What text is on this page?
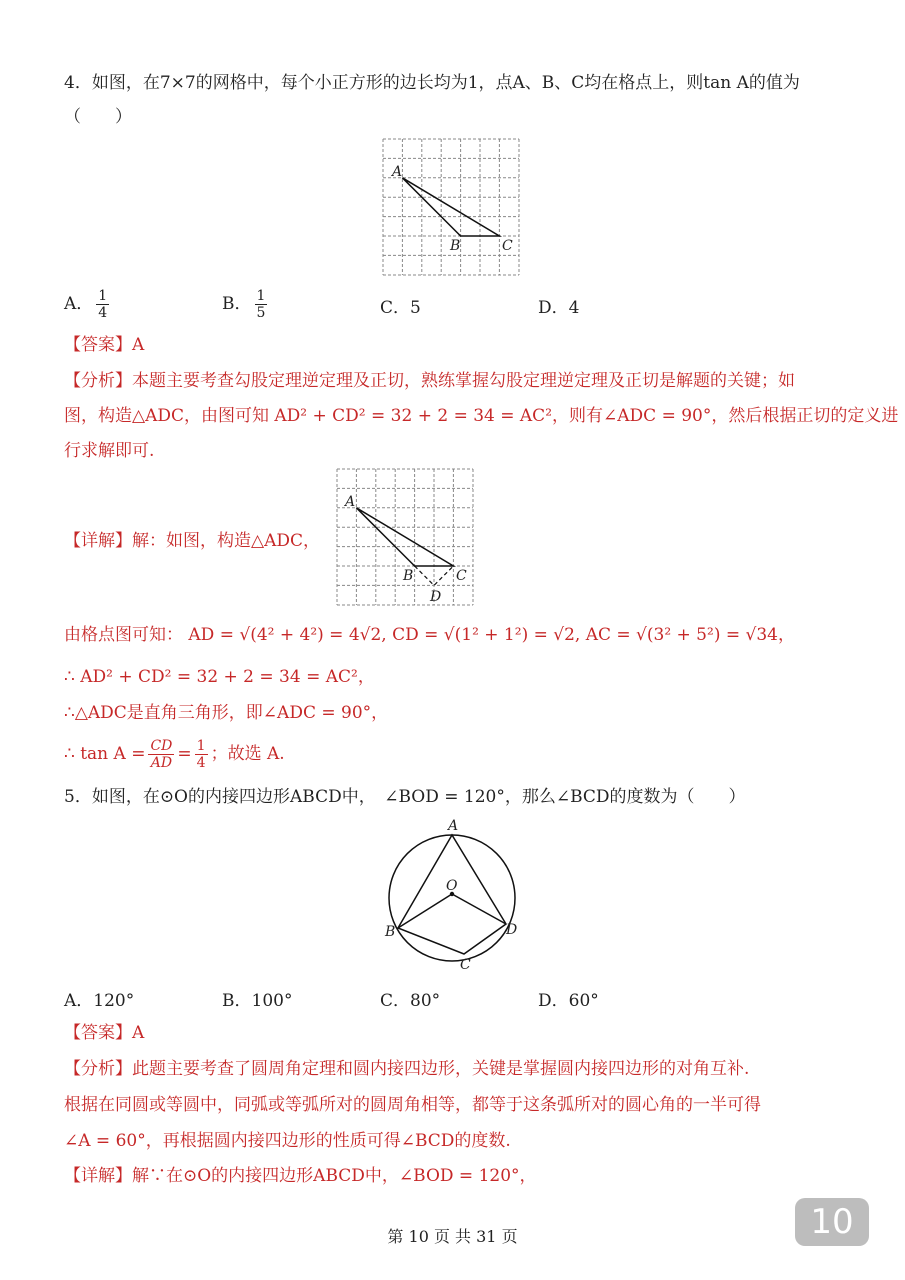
4．如图，在7×7的网格中，每个小正方形的边长均为1，点A、B、C均在格点上，则tan A的值为
（　　）
A
B	C
A． $\frac{1}{4}$	B． $\frac{1}{5}$	C．5	D．4
【答案】A
【分析】本题主要考查勾股定理逆定理及正切，熟练掌握勾股定理逆定理及正切是解题的关键；如
图，构造△ADC，由图可知 AD² + CD² = 32 + 2 = 34 = AC²，则有∠ADC = 90°，然后根据正切的定义进
行求解即可.
A
B	C
D
【详解】解：如图，构造△ADC，
由格点图可知： AD = √(4² + 4²) = 4√2, CD = √(1² + 1²) = √2, AC = √(3² + 5²) = √34，
∴ AD² + CD² = 32 + 2 = 34 = AC²，
∴△ADC是直角三角形，即∠ADC = 90°，
∴ $\tan A = \frac{CD}{AD} = \frac{1}{4}$ ；故选 A.
5．如图，在⊙O的内接四边形ABCD中，　∠BOD = 120°，那么∠BCD的度数为（　　）
A
O
B
C
D
A．120°	B．100°	C．80°	D．60°
【答案】A
【分析】此题主要考查了圆周角定理和圆内接四边形，关键是掌握圆内接四边形的对角互补.
根据在同圆或等圆中，同弧或等弧所对的圆周角相等，都等于这条弧所对的圆心角的一半可得
∠A = 60°，再根据圆内接四边形的性质可得∠BCD的度数.
【详解】解∵在⊙O的内接四边形ABCD中，∠BOD = 120°，
10
第 10 页 共 31 页
